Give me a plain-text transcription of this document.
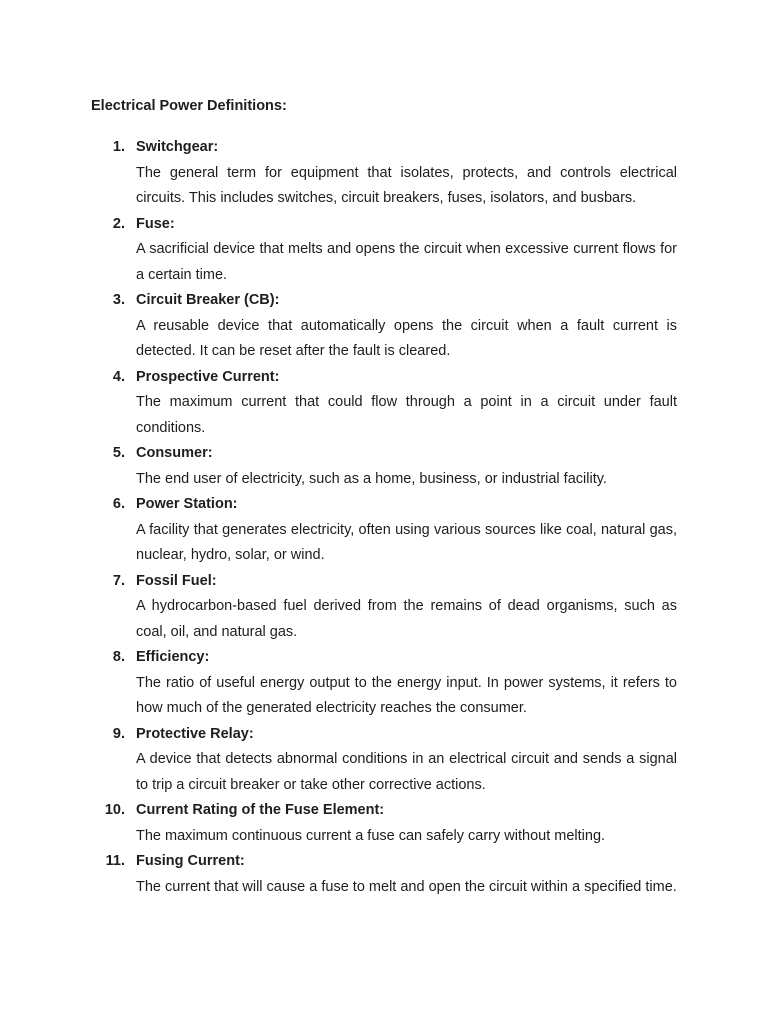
Electrical Power Definitions:
1. Switchgear:
The general term for equipment that isolates, protects, and controls electrical circuits. This includes switches, circuit breakers, fuses, isolators, and busbars.
2. Fuse:
A sacrificial device that melts and opens the circuit when excessive current flows for a certain time.
3. Circuit Breaker (CB):
A reusable device that automatically opens the circuit when a fault current is detected. It can be reset after the fault is cleared.
4. Prospective Current:
The maximum current that could flow through a point in a circuit under fault conditions.
5. Consumer:
The end user of electricity, such as a home, business, or industrial facility.
6. Power Station:
A facility that generates electricity, often using various sources like coal, natural gas, nuclear, hydro, solar, or wind.
7. Fossil Fuel:
A hydrocarbon-based fuel derived from the remains of dead organisms, such as coal, oil, and natural gas.
8. Efficiency:
The ratio of useful energy output to the energy input. In power systems, it refers to how much of the generated electricity reaches the consumer.
9. Protective Relay:
A device that detects abnormal conditions in an electrical circuit and sends a signal to trip a circuit breaker or take other corrective actions.
10. Current Rating of the Fuse Element:
The maximum continuous current a fuse can safely carry without melting.
11. Fusing Current:
The current that will cause a fuse to melt and open the circuit within a specified time.
